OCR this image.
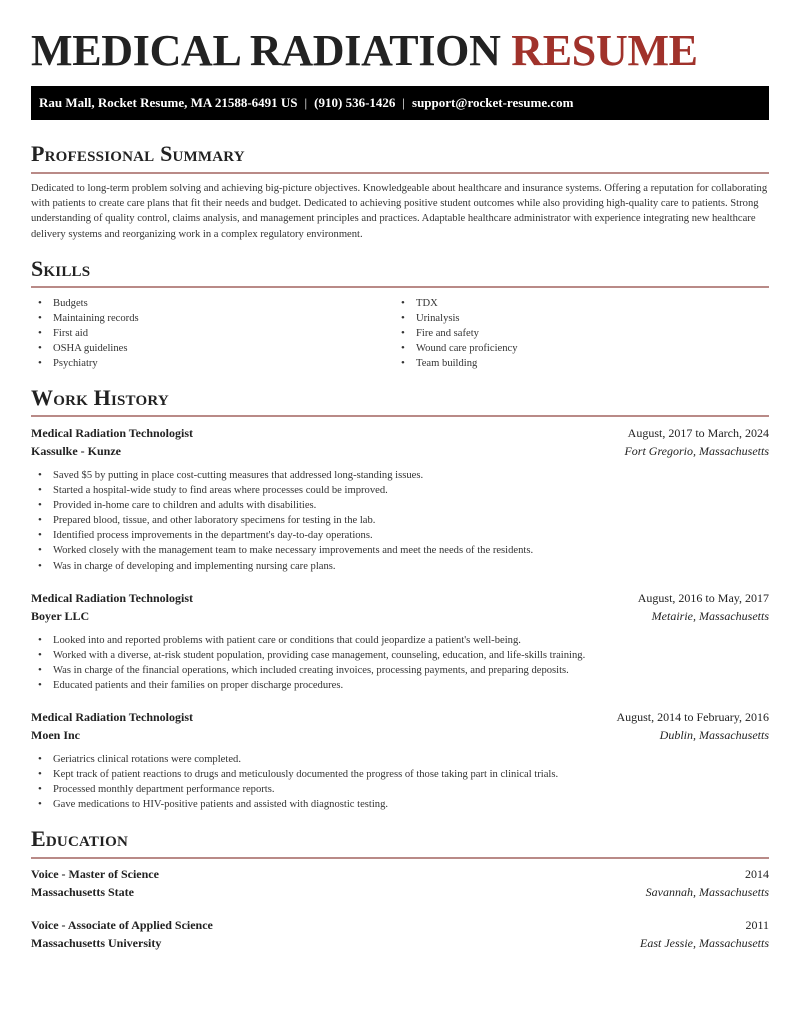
MEDICAL RADIATION RESUME
Rau Mall, Rocket Resume, MA 21588-6491 US | (910) 536-1426 | support@rocket-resume.com
Professional Summary

Dedicated to long-term problem solving and achieving big-picture objectives. Knowledgeable about healthcare and insurance systems. Offering a reputation for collaborating with patients to create care plans that fit their needs and budget. Dedicated to achieving positive student outcomes while also providing high-quality care to patients. Strong understanding of quality control, claims analysis, and management principles and practices. Adaptable healthcare administrator with experience integrating new healthcare delivery systems and reorganizing work in a complex regulatory environment.

Skills
• Budgets
• Maintaining records
• First aid
• OSHA guidelines
• Psychiatry
• TDX
• Urinalysis
• Fire and safety
• Wound care proficiency
• Team building
Work History
Medical Radiation Technologist	August, 2017 to March, 2024
Kassulke - Kunze	Fort Gregorio, Massachusetts
• Saved $5 by putting in place cost-cutting measures that addressed long-standing issues.
• Started a hospital-wide study to find areas where processes could be improved.
• Provided in-home care to children and adults with disabilities.
• Prepared blood, tissue, and other laboratory specimens for testing in the lab.
• Identified process improvements in the department's day-to-day operations.
• Worked closely with the management team to make necessary improvements and meet the needs of the residents.
• Was in charge of developing and implementing nursing care plans.
Medical Radiation Technologist	August, 2016 to May, 2017
Boyer LLC	Metairie, Massachusetts
• Looked into and reported problems with patient care or conditions that could jeopardize a patient's well-being.
• Worked with a diverse, at-risk student population, providing case management, counseling, education, and life-skills training.
• Was in charge of the financial operations, which included creating invoices, processing payments, and preparing deposits.
• Educated patients and their families on proper discharge procedures.
Medical Radiation Technologist	August, 2014 to February, 2016
Moen Inc	Dublin, Massachusetts
• Geriatrics clinical rotations were completed.
• Kept track of patient reactions to drugs and meticulously documented the progress of those taking part in clinical trials.
• Processed monthly department performance reports.
• Gave medications to HIV-positive patients and assisted with diagnostic testing.
Education
Voice - Master of Science	2014
Massachusetts State	Savannah, Massachusetts
Voice - Associate of Applied Science	2011
Massachusetts University	East Jessie, Massachusetts
